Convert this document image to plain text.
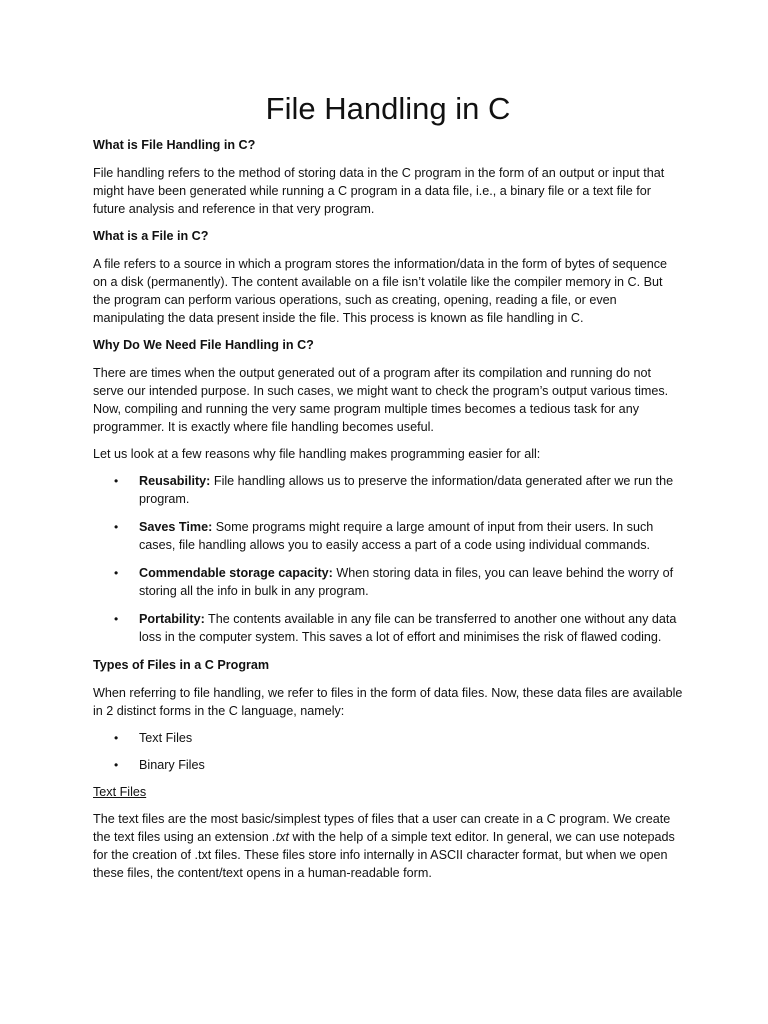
File Handling in C
What is File Handling in C?

File handling refers to the method of storing data in the C program in the form of an output or input that might have been generated while running a C program in a data file, i.e., a binary file or a text file for future analysis and reference in that very program.

What is a File in C?

A file refers to a source in which a program stores the information/data in the form of bytes of sequence on a disk (permanently). The content available on a file isn’t volatile like the compiler memory in C. But the program can perform various operations, such as creating, opening, reading a file, or even manipulating the data present inside the file. This process is known as file handling in C.

Why Do We Need File Handling in C?

There are times when the output generated out of a program after its compilation and running do not serve our intended purpose. In such cases, we might want to check the program’s output various times. Now, compiling and running the very same program multiple times becomes a tedious task for any programmer. It is exactly where file handling becomes useful.

Let us look at a few reasons why file handling makes programming easier for all:

• Reusability: File handling allows us to preserve the information/data generated after we run the program.
• Saves Time: Some programs might require a large amount of input from their users. In such cases, file handling allows you to easily access a part of a code using individual commands.
• Commendable storage capacity: When storing data in files, you can leave behind the worry of storing all the info in bulk in any program.
• Portability: The contents available in any file can be transferred to another one without any data loss in the computer system. This saves a lot of effort and minimises the risk of flawed coding.
Types of Files in a C Program

When referring to file handling, we refer to files in the form of data files. Now, these data files are available in 2 distinct forms in the C language, namely:

• Text Files
• Binary Files
Text Files

The text files are the most basic/simplest types of files that a user can create in a C program. We create the text files using an extension .txt with the help of a simple text editor. In general, we can use notepads for the creation of .txt files. These files store info internally in ASCII character format, but when we open these files, the content/text opens in a human-readable form.
